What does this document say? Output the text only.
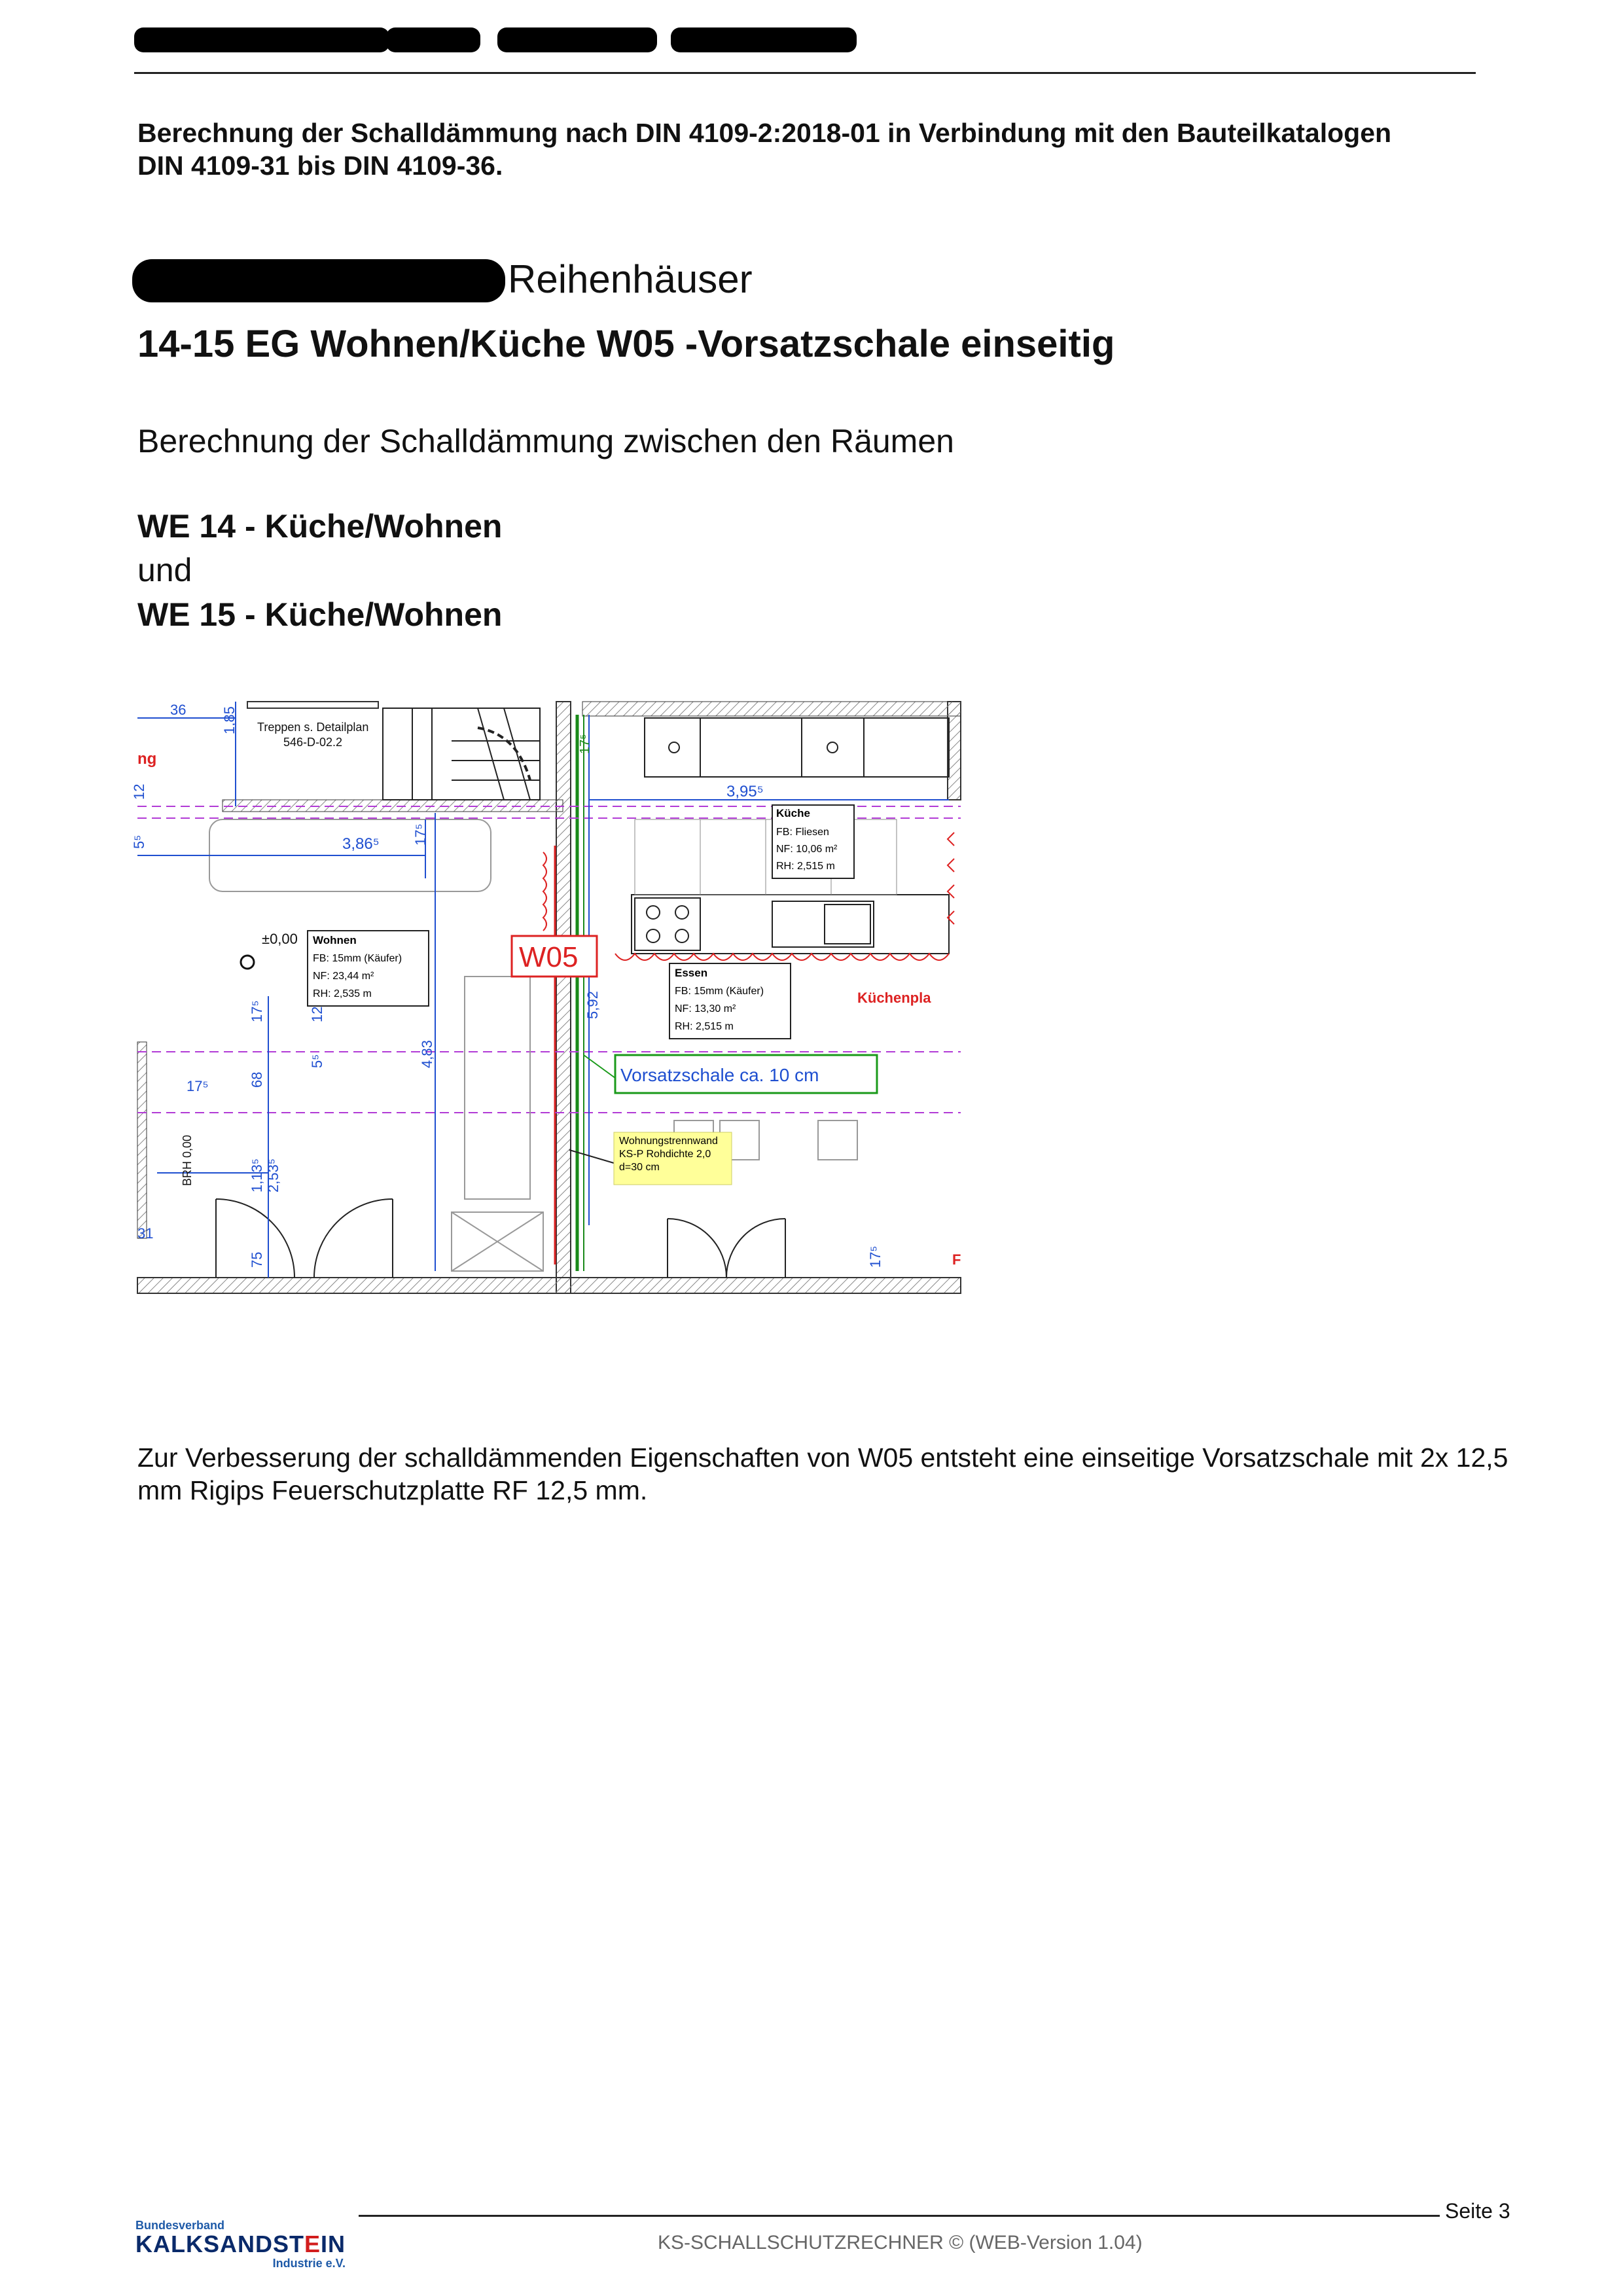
Berechnung der Schalldämmung nach DIN 4109-2:2018-01 in Verbindung mit den Bauteilkatalogen
DIN 4109-31 bis DIN 4109-36.
Reihenhäuser
14-15 EG Wohnen/Küche W05 -Vorsatzschale einseitig
Berechnung der Schalldämmung zwischen den Räumen
WE 14 - Küche/Wohnen
und
WE 15 - Küche/Wohnen
Treppen s. Detailplan
546-D-02.2
36 1,85
ng
12
5⁵	3,86⁵ 17⁵
3,95⁵
17⁵
5,92
4,83
17⁵
68
12
5⁵
17⁵
BRH 0,00	1,13⁵ 2,53⁵
75
31
17⁵	F
Küche
FB: Fliesen
NF: 10,06 m²
RH: 2,515 m
±0,00 Wohnen
FB: 15mm (Käufer)
NF: 23,44 m²
RH: 2,535 m
Essen
FB: 15mm (Käufer)
NF: 13,30 m²
RH: 2,515 m
Küchenpla
W05
Vorsatzschale ca. 10 cm
Wohnungstrennwand
KS-P Rohdichte 2,0
d=30 cm
Zur Verbesserung der schalldämmenden Eigenschaften von W05 entsteht eine einseitige Vorsatzschale mit 2x 12,5 mm Rigips Feuerschutzplatte RF 12,5 mm.
Bundesverband
KALKSANDSTEIN
Industrie e.V.
Seite 3
KS-SCHALLSCHUTZRECHNER © (WEB-Version 1.04)
